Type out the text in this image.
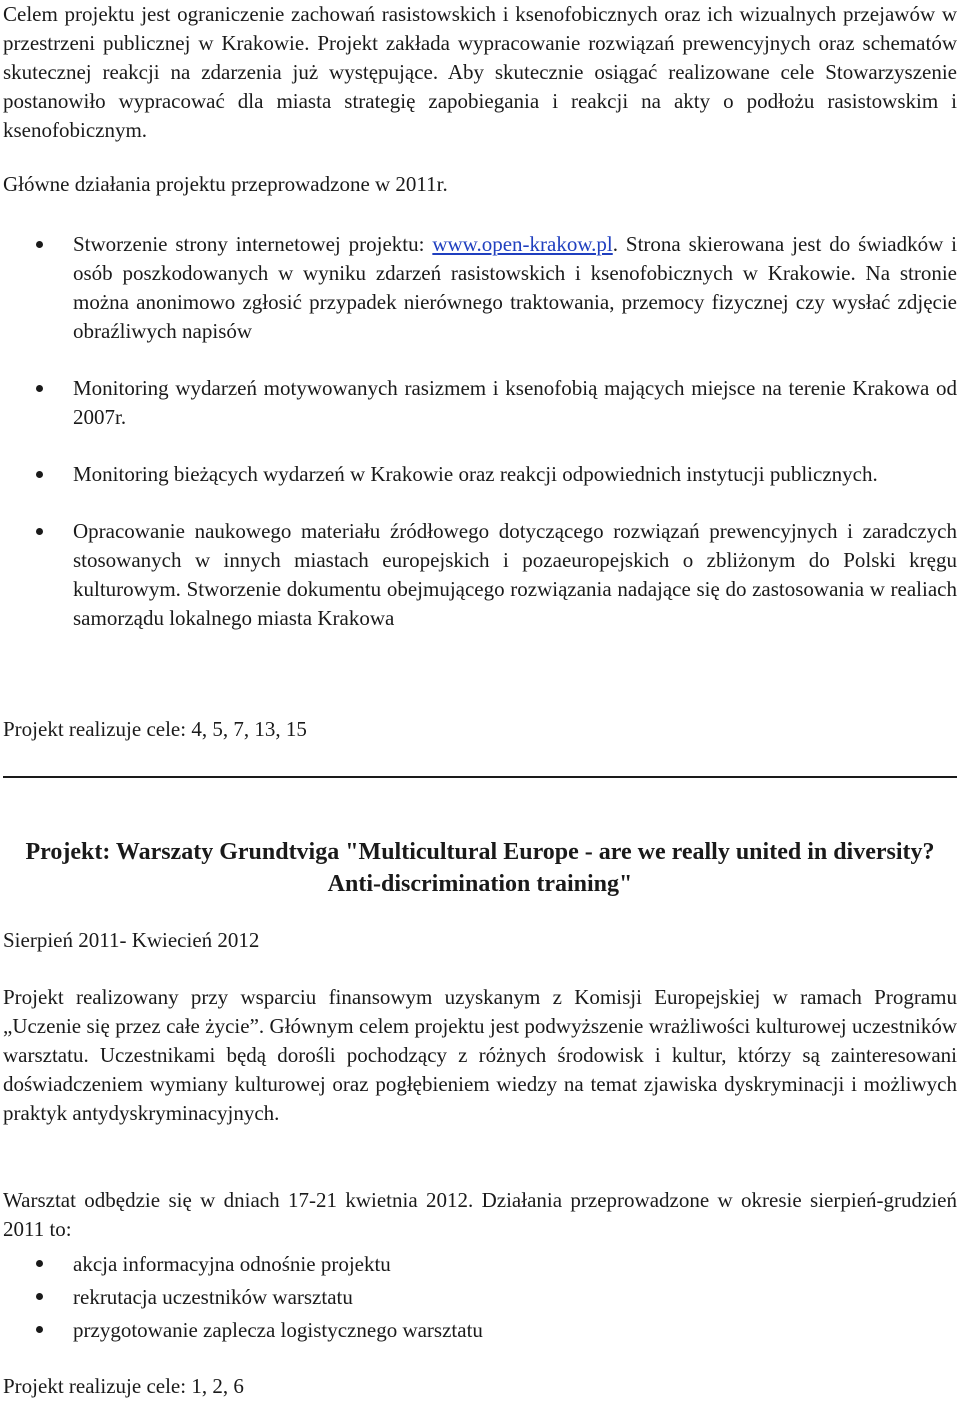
Celem projektu jest ograniczenie zachowań rasistowskich i ksenofobicznych oraz ich wizualnych przejawów w przestrzeni publicznej w Krakowie. Projekt zakłada wypracowanie rozwiązań prewencyjnych oraz schematów skutecznej reakcji na zdarzenia już występujące. Aby skutecznie osiągać realizowane cele Stowarzyszenie postanowiło wypracować dla miasta strategię zapobiegania i reakcji na akty o podłożu rasistowskim i ksenofobicznym.

Główne działania projektu przeprowadzone w 2011r.

Stworzenie strony internetowej projektu: www.open-krakow.pl. Strona skierowana jest do świadków i osób poszkodowanych w wyniku zdarzeń rasistowskich i ksenofobicznych w Krakowie. Na stronie można anonimowo zgłosić przypadek nierównego traktowania, przemocy fizycznej czy wysłać zdjęcie obraźliwych napisów
Monitoring wydarzeń motywowanych rasizmem i ksenofobią mających miejsce na terenie Krakowa od 2007r.
Monitoring bieżących wydarzeń w Krakowie oraz reakcji odpowiednich instytucji publicznych.
Opracowanie naukowego materiału źródłowego dotyczącego rozwiązań prewencyjnych i zaradczych stosowanych w innych miastach europejskich i pozaeuropejskich o zbliżonym do Polski kręgu kulturowym. Stworzenie dokumentu obejmującego rozwiązania nadające się do zastosowania w realiach samorządu lokalnego miasta Krakowa

Projekt realizuje cele: 4, 5, 7, 13, 15

Projekt: Warszaty Grundtviga "Multicultural Europe - are we really united in diversity? Anti-discrimination training"

Sierpień 2011- Kwiecień 2012

Projekt realizowany przy wsparciu finansowym uzyskanym z Komisji Europejskiej w ramach Programu „Uczenie się przez całe życie”. Głównym celem projektu jest podwyższenie wrażliwości kulturowej uczestników warsztatu. Uczestnikami będą dorośli pochodzący z różnych środowisk i kultur, którzy są zainteresowani doświadczeniem wymiany kulturowej oraz pogłębieniem wiedzy na temat zjawiska dyskryminacji i możliwych praktyk antydyskryminacyjnych.

Warsztat odbędzie się w dniach 17-21 kwietnia 2012. Działania przeprowadzone w okresie sierpień-grudzień 2011 to:

akcja informacyjna odnośnie projektu
rekrutacja uczestników warsztatu
przygotowanie zaplecza logistycznego warsztatu

Projekt realizuje cele: 1, 2, 6
